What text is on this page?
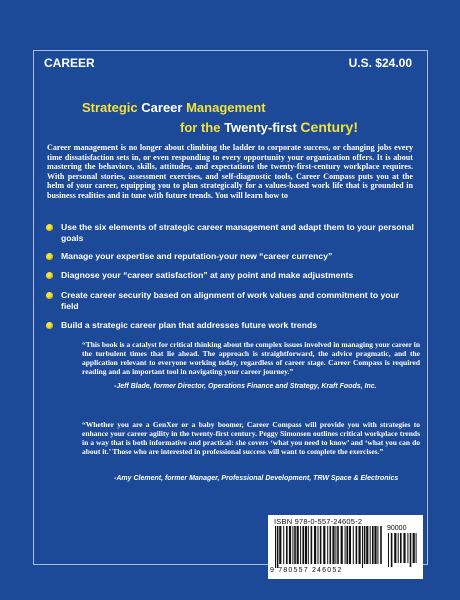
CAREER	U.S. $24.00
Strategic Career Management
for the Twenty-first Century!

Career management is no longer about climbing the ladder to corporate success, or changing jobs every time dissatisfaction sets in, or even responding to every opportunity your organization offers. It is about mastering the behaviors, skills, attitudes, and expectations the twenty-first-century workplace requires. With personal stories, assessment exercises, and self-diagnostic tools, Career Compass puts you at the helm of your career, equipping you to plan strategically for a values-based work life that is grounded in business realities and in tune with future trends. You will learn how to

Use the six elements of strategic career management and adapt them to your personal goals
Manage your expertise and reputation-your new “career currency”
Diagnose your “career satisfaction” at any point and make adjustments
Create career security based on alignment of work values and commitment to your field
Build a strategic career plan that addresses future work trends

“This book is a catalyst for critical thinking about the complex issues involved in managing your career in the turbulent times that lie ahead. The approach is straightforward, the advice pragmatic, and the application relevant to everyone working today, regardless of career stage. Career Compass is required reading and an important tool in navigating your career journey.”

-Jeff Blade, former Director, Operations Finance and Strategy, Kraft Foods, Inc.

“Whether you are a GenXer or a baby boomer, Career Compass will provide you with strategies to enhance your career agility in the twenty-first century. Peggy Simonsen outlines critical workplace trends in a way that is both informative and practical: she covers ‘what you need to know’ and ‘what you can do about it.’ Those who are interested in professional success will want to complete the exercises.”

-Amy Clement, former Manager, Professional Development, TRW Space & Electronics
ISBN 978-0-557-24605-2
90000
9 780557 246052
